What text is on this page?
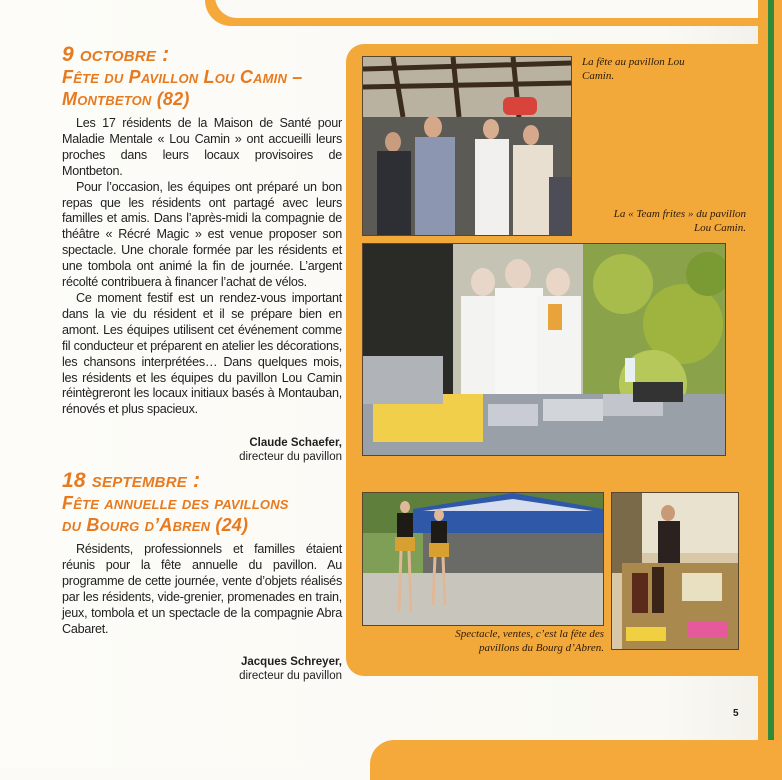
9 octobre :
Fête du Pavillon Lou Camin –
Montbeton (82)

Les 17 résidents de la Maison de Santé pour Maladie Mentale « Lou Camin » ont accueilli leurs proches dans leurs locaux provisoires de Montbeton.

Pour l’occasion, les équipes ont préparé un bon repas que les résidents ont partagé avec leurs familles et amis. Dans l’après-midi la compagnie de théâtre « Récré Magic » est venue proposer son spectacle. Une chorale formée par les résidents et une tombola ont animé la fin de journée. L’argent récolté contribuera à financer l’achat de vélos.

Ce moment festif est un rendez-vous important dans la vie du résident et il se prépare bien en amont. Les équipes utilisent cet événement comme fil conducteur et préparent en atelier les décorations, les chansons interprétées… Dans quelques mois, les résidents et les équipes du pavillon Lou Camin réintègreront les locaux initiaux basés à Montauban, rénovés et plus spacieux.

Claude Schaefer,
directeur du pavillon
18 septembre :
Fête annuelle des pavillons
du Bourg d’Abren (24)

Résidents, professionnels et familles étaient réunis pour la fête annuelle du pavillon. Au programme de cette journée, vente d’objets réalisés par les résidents, vide-grenier, promenades en train, jeux, tombola et un spectacle de la compagnie Abra Cabaret.

Jacques Schreyer,
directeur du pavillon
La fête au pavillon Lou Camin.
La « Team frites » du pavillon Lou Camin.
Spectacle, ventes, c’est la fête des pavillons du Bourg d’Abren.
5
